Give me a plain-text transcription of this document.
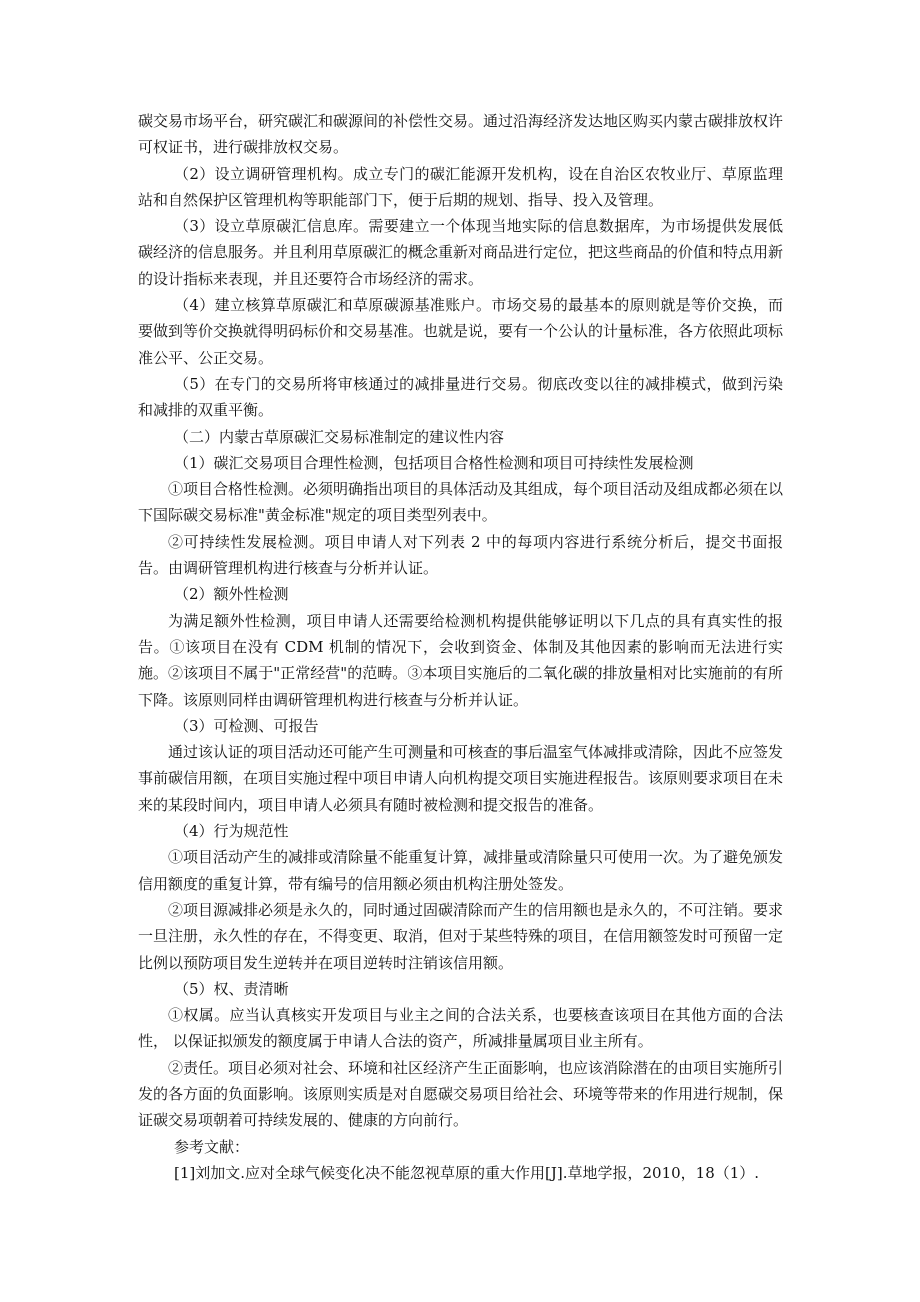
碳交易市场平台，研究碳汇和碳源间的补偿性交易。通过沿海经济发达地区购买内蒙古碳排放权许可权证书，进行碳排放权交易。

（2）设立调研管理机构。成立专门的碳汇能源开发机构，设在自治区农牧业厅、草原监理站和自然保护区管理机构等职能部门下，便于后期的规划、指导、投入及管理。

（3）设立草原碳汇信息库。需要建立一个体现当地实际的信息数据库，为市场提供发展低碳经济的信息服务。并且利用草原碳汇的概念重新对商品进行定位，把这些商品的价值和特点用新的设计指标来表现，并且还要符合市场经济的需求。

（4）建立核算草原碳汇和草原碳源基准账户。市场交易的最基本的原则就是等价交换，而要做到等价交换就得明码标价和交易基准。也就是说，要有一个公认的计量标准，各方依照此项标准公平、公正交易。

（5）在专门的交易所将审核通过的减排量进行交易。彻底改变以往的减排模式，做到污染和减排的双重平衡。

（二）内蒙古草原碳汇交易标准制定的建议性内容

（1）碳汇交易项目合理性检测，包括项目合格性检测和项目可持续性发展检测

①项目合格性检测。必须明确指出项目的具体活动及其组成，每个项目活动及组成都必须在以下国际碳交易标准"黄金标准"规定的项目类型列表中。

②可持续性发展检测。项目申请人对下列表 2 中的每项内容进行系统分析后，提交书面报告。由调研管理机构进行核查与分析并认证。

（2）额外性检测

为满足额外性检测，项目申请人还需要给检测机构提供能够证明以下几点的具有真实性的报告。①该项目在没有 CDM 机制的情况下，会收到资金、体制及其他因素的影响而无法进行实施。②该项目不属于"正常经营"的范畴。③本项目实施后的二氧化碳的排放量相对比实施前的有所下降。该原则同样由调研管理机构进行核查与分析并认证。

（3）可检测、可报告

通过该认证的项目活动还可能产生可测量和可核查的事后温室气体减排或清除，因此不应签发事前碳信用额，在项目实施过程中项目申请人向机构提交项目实施进程报告。该原则要求项目在未来的某段时间内，项目申请人必须具有随时被检测和提交报告的准备。

（4）行为规范性

①项目活动产生的减排或清除量不能重复计算，减排量或清除量只可使用一次。为了避免颁发信用额度的重复计算，带有编号的信用额必须由机构注册处签发。

②项目源减排必须是永久的，同时通过固碳清除而产生的信用额也是永久的，不可注销。要求一旦注册，永久性的存在，不得变更、取消，但对于某些特殊的项目，在信用额签发时可预留一定比例以预防项目发生逆转并在项目逆转时注销该信用额。

（5）权、责清晰

①权属。应当认真核实开发项目与业主之间的合法关系，也要核查该项目在其他方面的合法性， 以保证拟颁发的额度属于申请人合法的资产，所减排量属项目业主所有。

②责任。项目必须对社会、环境和社区经济产生正面影响，也应该消除潜在的由项目实施所引发的各方面的负面影响。该原则实质是对自愿碳交易项目给社会、环境等带来的作用进行规制，保证碳交易项朝着可持续发展的、健康的方向前行。

参考文献：

[1]刘加文.应对全球气候变化决不能忽视草原的重大作用[J].草地学报，2010，18（1）.
